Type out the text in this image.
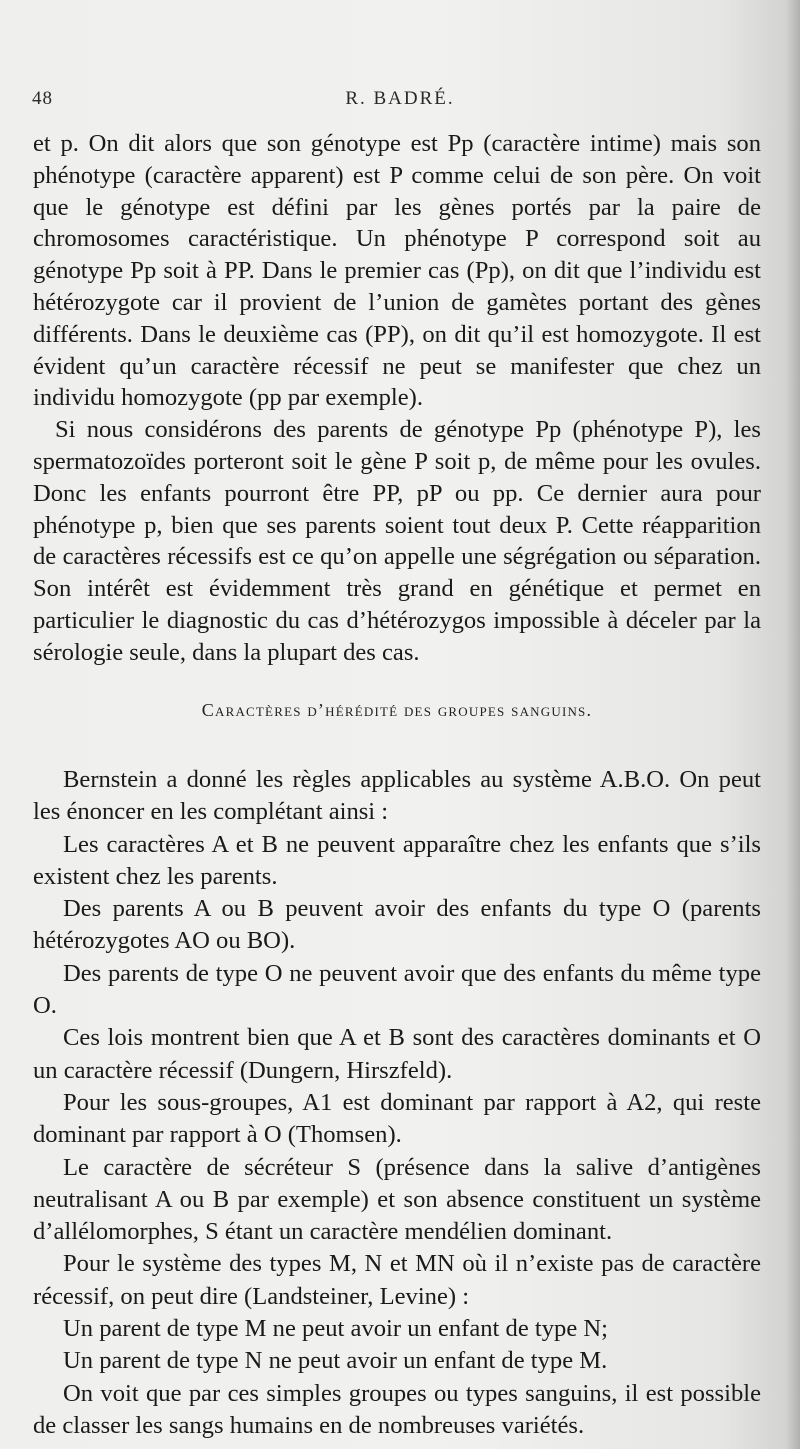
48	R. BADRÉ.

et p. On dit alors que son génotype est Pp (caractère intime) mais son phénotype (caractère apparent) est P comme celui de son père. On voit que le génotype est défini par les gènes portés par la paire de chromosomes caractéristique. Un phénotype P correspond soit au génotype Pp soit à PP. Dans le premier cas (Pp), on dit que l’individu est hétérozygote car il provient de l’union de gamètes portant des gènes différents. Dans le deuxième cas (PP), on dit qu’il est homozygote. Il est évident qu’un caractère récessif ne peut se manifester que chez un individu homozygote (pp par exemple).

Si nous considérons des parents de génotype Pp (phénotype P), les spermatozoïdes porteront soit le gène P soit p, de même pour les ovules. Donc les enfants pourront être PP, pP ou pp. Ce dernier aura pour phénotype p, bien que ses parents soient tout deux P. Cette réapparition de caractères récessifs est ce qu’on appelle une ségrégation ou séparation. Son intérêt est évidemment très grand en génétique et permet en particulier le diagnostic du cas d’hétérozygos impossible à déceler par la sérologie seule, dans la plupart des cas.

Caractères d’hérédité des groupes sanguins.

Bernstein a donné les règles applicables au système A.B.O. On peut les énoncer en les complétant ainsi :

Les caractères A et B ne peuvent apparaître chez les enfants que s’ils existent chez les parents.

Des parents A ou B peuvent avoir des enfants du type O (parents hétérozygotes AO ou BO).

Des parents de type O ne peuvent avoir que des enfants du même type O.

Ces lois montrent bien que A et B sont des caractères dominants et O un caractère récessif (Dungern, Hirszfeld).

Pour les sous-groupes, A1 est dominant par rapport à A2, qui reste dominant par rapport à O (Thomsen).

Le caractère de sécréteur S (présence dans la salive d’antigènes neutralisant A ou B par exemple) et son absence constituent un système d’allélomorphes, S étant un caractère mendélien dominant.

Pour le système des types M, N et MN où il n’existe pas de caractère récessif, on peut dire (Landsteiner, Levine) :

Un parent de type M ne peut avoir un enfant de type N;

Un parent de type N ne peut avoir un enfant de type M.

On voit que par ces simples groupes ou types sanguins, il est possible de classer les sangs humains en de nombreuses variétés.
